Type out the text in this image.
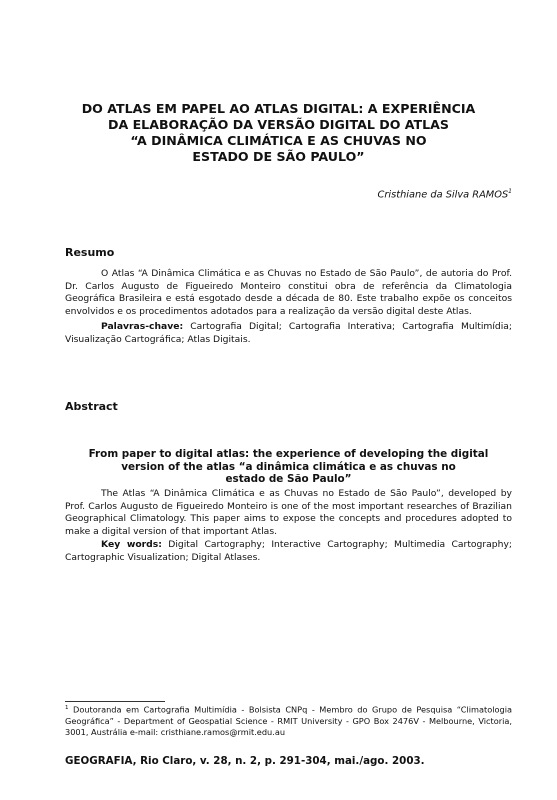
DO ATLAS EM PAPEL AO ATLAS DIGITAL: A EXPERIÊNCIA
DA ELABORAÇÃO DA VERSÃO DIGITAL DO ATLAS
“A DINÂMICA CLIMÁTICA E AS CHUVAS NO
ESTADO DE SÃO PAULO”
Cristhiane da Silva RAMOS$^1$
Resumo
O Atlas “A Dinâmica Climática e as Chuvas no Estado de São Paulo”, de autoria do Prof. Dr. Carlos Augusto de Figueiredo Monteiro constitui obra de referência da Climatologia Geográfica Brasileira e está esgotado desde a década de 80. Este trabalho expõe os conceitos envolvidos e os procedimentos adotados para a realização da versão digital deste Atlas.
Palavras-chave: Cartografia Digital; Cartografia Interativa; Cartografia Multimídia; Visualização Cartográfica; Atlas Digitais.
Abstract
From paper to digital atlas: the experience of developing the digital
version of the atlas “a dinâmica climática e as chuvas no
estado de São Paulo”
The Atlas “A Dinâmica Climática e as Chuvas no Estado de São Paulo”, developed by Prof. Carlos Augusto de Figueiredo Monteiro is one of the most important researches of Brazilian Geographical Climatology. This paper aims to expose the concepts and procedures adopted to make a digital version of that important Atlas.
Key words: Digital Cartography; Interactive Cartography; Multimedia Cartography; Cartographic Visualization; Digital Atlases.
$^1$ Doutoranda em Cartografia Multimídia - Bolsista CNPq - Membro do Grupo de Pesquisa “Climatologia Geográfica” - Department of Geospatial Science - RMIT University - GPO Box 2476V - Melbourne, Victoria, 3001, Austrália e-mail: cristhiane.ramos@rmit.edu.au
GEOGRAFIA, Rio Claro, v. 28, n. 2, p. 291-304, mai./ago. 2003.
